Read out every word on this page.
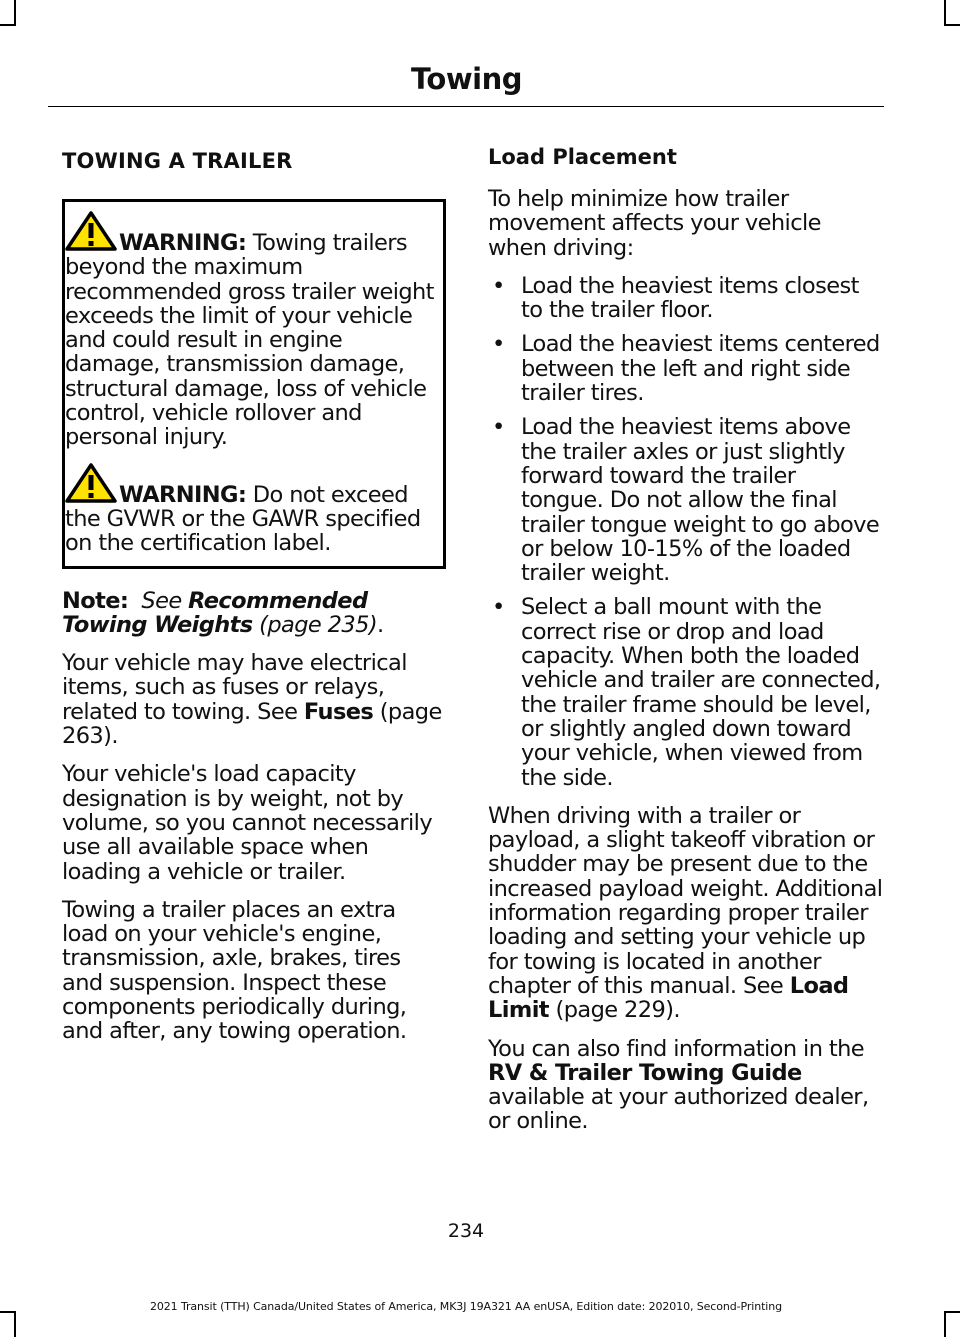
Towing
TOWING A TRAILER

WARNING: Towing trailers beyond the maximum recommended gross trailer weight exceeds the limit of your vehicle and could result in engine damage, transmission damage, structural damage, loss of vehicle control, vehicle rollover and personal injury.

WARNING: Do not exceed the GVWR or the GAWR specified on the certification label.

Note: See Recommended Towing Weights (page 235).

Your vehicle may have electrical items, such as fuses or relays, related to towing. See Fuses (page 263).

Your vehicle's load capacity designation is by weight, not by volume, so you cannot necessarily use all available space when loading a vehicle or trailer.

Towing a trailer places an extra load on your vehicle's engine, transmission, axle, brakes, tires and suspension. Inspect these components periodically during, and after, any towing operation.

Load Placement

To help minimize how trailer movement affects your vehicle when driving:

• Load the heaviest items closest to the trailer floor.
• Load the heaviest items centered between the left and right side trailer tires.
• Load the heaviest items above the trailer axles or just slightly forward toward the trailer tongue. Do not allow the final trailer tongue weight to go above or below 10-15% of the loaded trailer weight.
• Select a ball mount with the correct rise or drop and load capacity. When both the loaded vehicle and trailer are connected, the trailer frame should be level, or slightly angled down toward your vehicle, when viewed from the side.

When driving with a trailer or payload, a slight takeoff vibration or shudder may be present due to the increased payload weight. Additional information regarding proper trailer loading and setting your vehicle up for towing is located in another chapter of this manual. See Load Limit (page 229).

You can also find information in the RV & Trailer Towing Guide available at your authorized dealer, or online.

234
2021 Transit (TTH) Canada/United States of America, MK3J 19A321 AA enUSA, Edition date: 202010, Second-Printing
